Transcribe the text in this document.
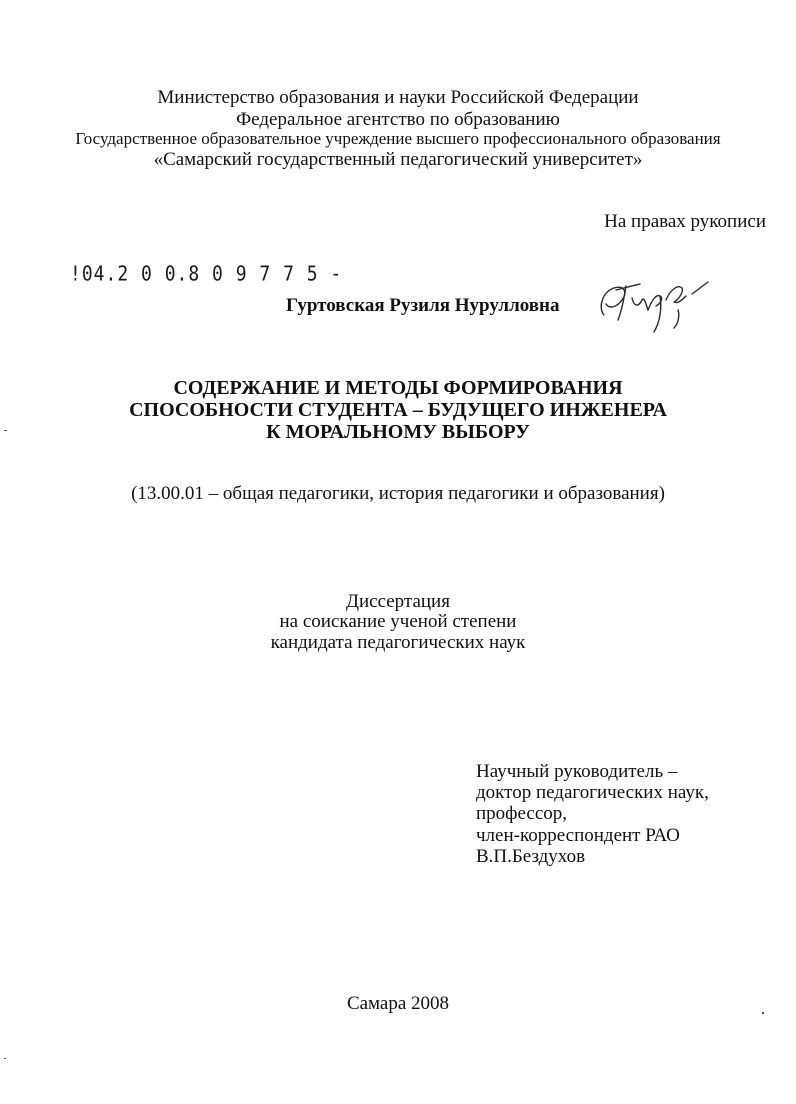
Министерство образования и науки Российской Федерации
Федеральное агентство по образованию
Государственное образовательное учреждение высшего профессионального образования
«Самарский государственный педагогический университет»
На правах рукописи
!04.2 0 0.8 0 9 7 7 5 -
Гуртовская Рузиля Нурулловна
СОДЕРЖАНИЕ И МЕТОДЫ ФОРМИРОВАНИЯ
СПОСОБНОСТИ СТУДЕНТА – БУДУЩЕГО ИНЖЕНЕРА
К МОРАЛЬНОМУ ВЫБОРУ
(13.00.01 – общая педагогики, история педагогики и образования)
Диссертация
на соискание ученой степени
кандидата педагогических наук
Научный руководитель –
доктор педагогических наук,
профессор,
член-корреспондент РАО
В.П.Бездухов
Самара 2008
